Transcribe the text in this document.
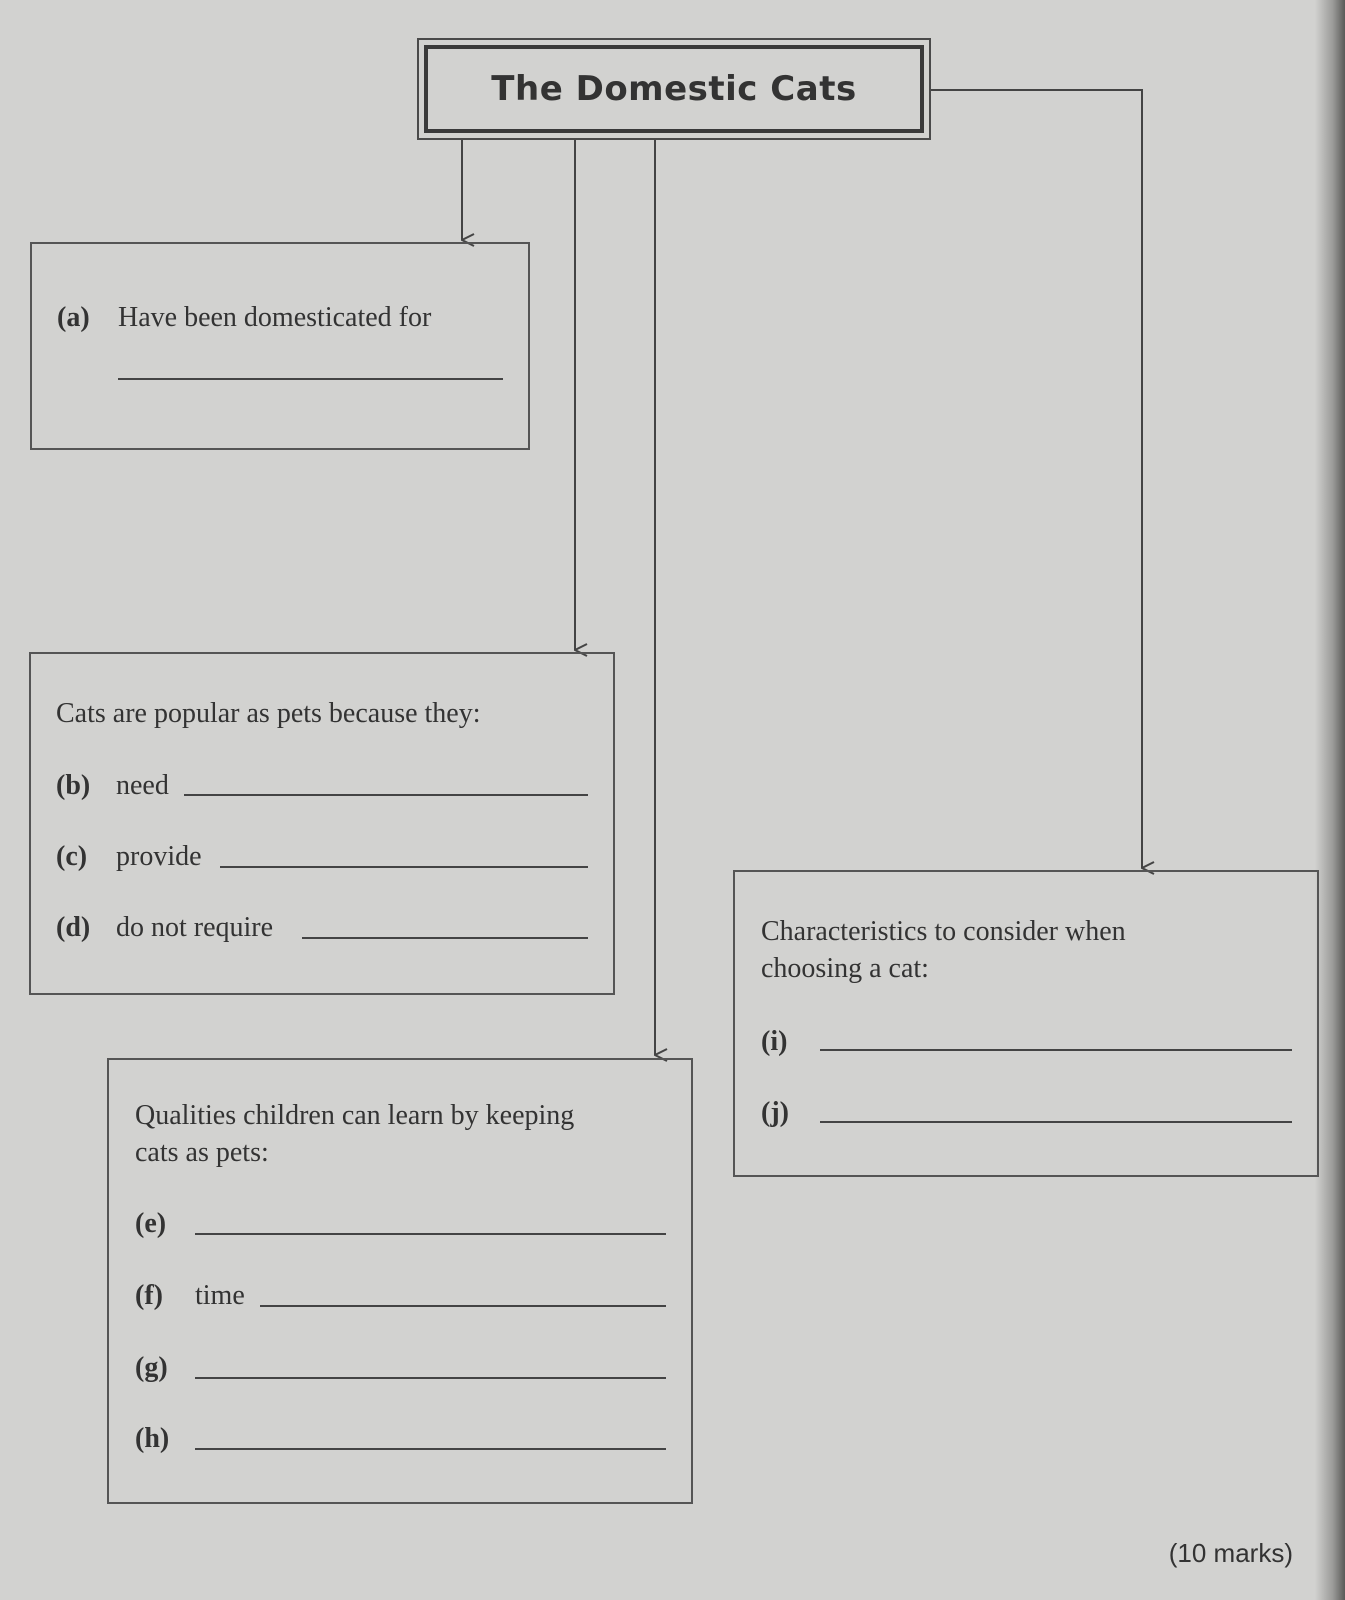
The Domestic Cats
(a) Have been domesticated for
Cats are popular as pets because they:
(b) need
(c) provide
(d) do not require
Qualities children can learn by keeping
cats as pets:
(e)
(f) time
(g)
(h)
Characteristics to consider when
choosing a cat:
(i)
(j)
(10 marks)
